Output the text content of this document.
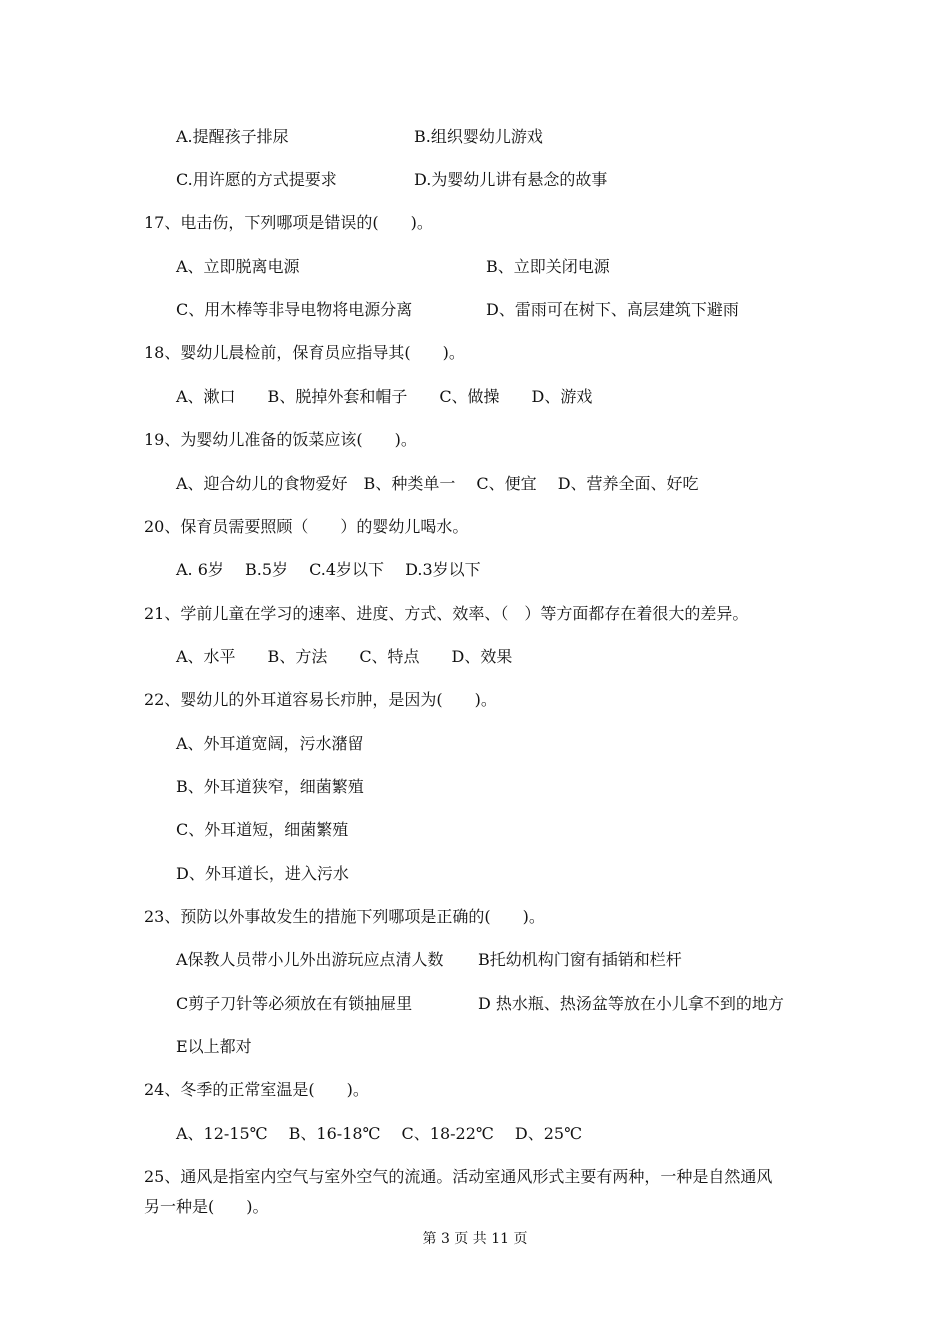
A.提醒孩子排尿	B.组织婴幼儿游戏
C.用许愿的方式提要求	D.为婴幼儿讲有悬念的故事
17、电击伤，下列哪项是错误的(　　)。
A、立即脱离电源	B、立即关闭电源
C、用木棒等非导电物将电源分离	D、雷雨可在树下、高层建筑下避雨
18、婴幼儿晨检前，保育员应指导其(　　)。
A、漱口　　B、脱掉外套和帽子　　C、做操　　D、游戏
19、为婴幼儿准备的饭菜应该(　　)。
A、迎合幼儿的食物爱好　B、种类单一　 C、便宜　 D、营养全面、好吃
20、保育员需要照顾（　　）的婴幼儿喝水。
A. 6岁　 B.5岁　 C.4岁以下　 D.3岁以下
21、学前儿童在学习的速率、进度、方式、效率、（　）等方面都存在着很大的差异。
A、水平　　B、方法　　C、特点　　D、效果
22、婴幼儿的外耳道容易长疖肿，是因为(　　)。
A、外耳道宽阔，污水潴留
B、外耳道狭窄，细菌繁殖
C、外耳道短，细菌繁殖
D、外耳道长，进入污水
23、预防以外事故发生的措施下列哪项是正确的(　　)。
A保教人员带小儿外出游玩应点清人数 B托幼机构门窗有插销和栏杆
C剪子刀针等必须放在有锁抽屉里	D 热水瓶、热汤盆等放在小儿拿不到的地方
E以上都对
24、冬季的正常室温是(　　)。
A、12-15℃　 B、16-18℃　 C、18-22℃　 D、25℃
25、通风是指室内空气与室外空气的流通。活动室通风形式主要有两种，一种是自然通风
另一种是(　　)。
第 3 页 共 11 页
